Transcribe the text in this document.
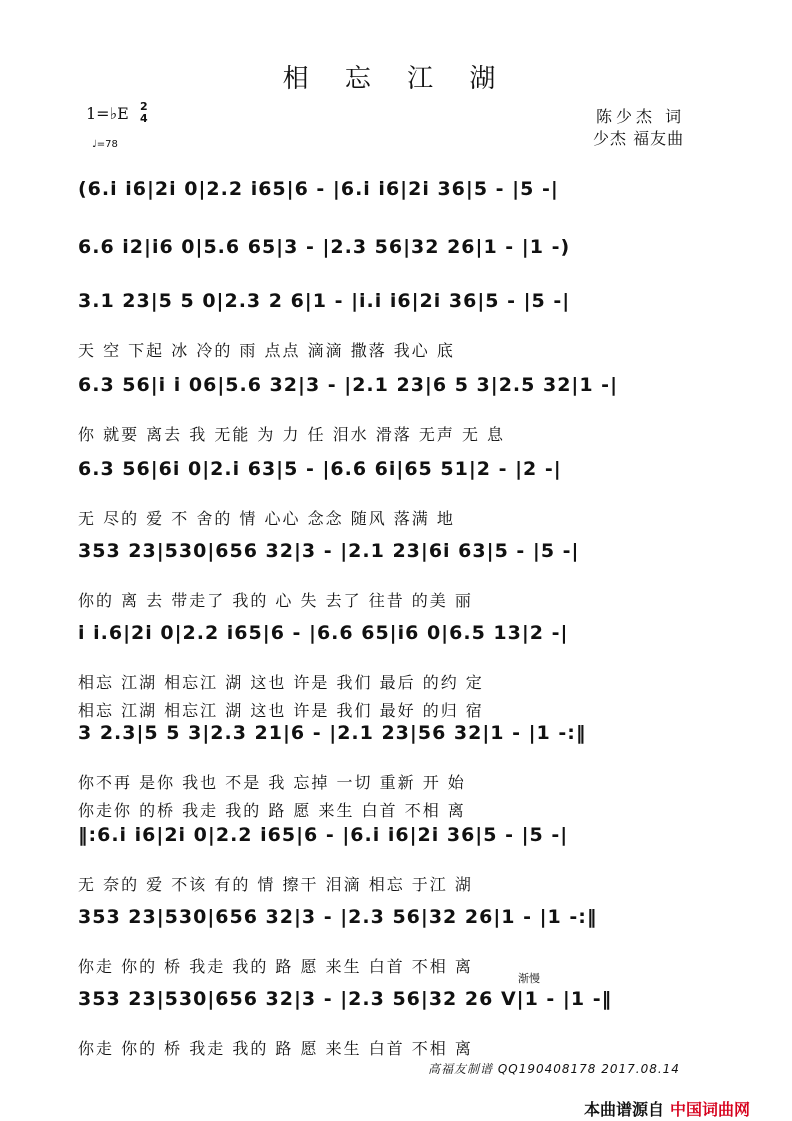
相 忘 江 湖
1=♭E 2
4
♩=78
陈少杰 词
少杰 福友曲
(6.i i6|2i 0|2.2 i65|6 - |6.i i6|2i 36|5 - |5 -|
6.6 i2|i6 0|5.6 65|3 - |2.3 56|32 26|1 - |1 -)
3.1 23|5 5 0|2.3 2 6|1 - |i.i i6|2i 36|5 - |5 -|
天 空 下起 冰 冷的 雨 点点 滴滴 撒落 我心 底
6.3 56|i i 06|5.6 32|3 - |2.1 23|6 5 3|2.5 32|1 -|
你 就要 离去 我 无能 为 力 任 泪水 滑落 无声 无 息
6.3 56|6i 0|2.i 63|5 - |6.6 6i|65 51|2 - |2 -|
无 尽的 爱 不 舍的 情 心心 念念 随风 落满 地
353 23|530|656 32|3 - |2.1 23|6i 63|5 - |5 -|
你的 离 去 带走了 我的 心 失 去了 往昔 的美 丽
i i.6|2i 0|2.2 i65|6 - |6.6 65|i6 0|6.5 13|2 -|
相忘 江湖 相忘江 湖 这也 许是 我们 最后 的约 定
相忘 江湖 相忘江 湖 这也 许是 我们 最好 的归 宿
3 2.3|5 5 3|2.3 21|6 - |2.1 23|56 32|1 - |1 -:‖
你不再 是你 我也 不是 我 忘掉 一切 重新 开 始
你走你 的桥 我走 我的 路 愿 来生 白首 不相 离
‖:6.i i6|2i 0|2.2 i65|6 - |6.i i6|2i 36|5 - |5 -|
无 奈的 爱 不该 有的 情 擦干 泪滴 相忘 于江 湖
353 23|530|656 32|3 - |2.3 56|32 26|1 - |1 -:‖
你走 你的 桥 我走 我的 路 愿 来生 白首 不相 离
353 23|530|656 32|3 - |2.3 56|32 26 V|1 - |1 -‖
你走 你的 桥 我走 我的 路 愿 来生 白首 不相 离
渐慢
高福友制谱 QQ190408178 2017.08.14
本曲谱源自 中国词曲网
